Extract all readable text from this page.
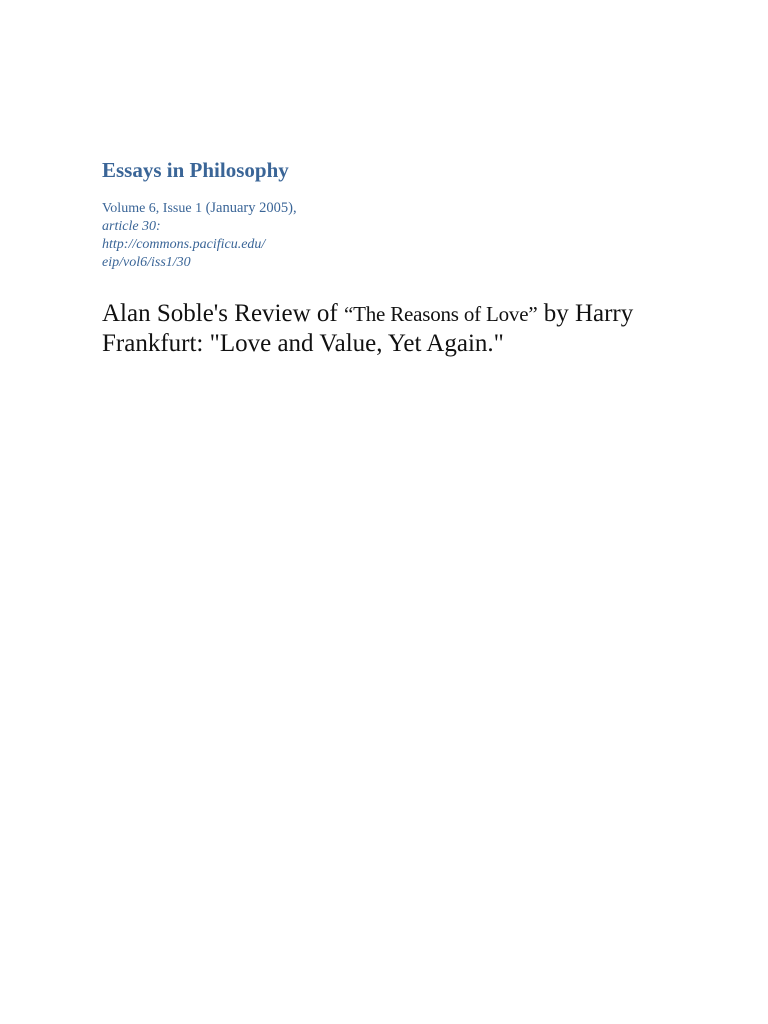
Essays in Philosophy
Volume 6, Issue 1 (January 2005),
article 30:
http://commons.pacificu.edu/
eip/vol6/iss1/30
Alan Soble's Review of “The Reasons of Love” by Harry
Frankfurt: "Love and Value, Yet Again."
